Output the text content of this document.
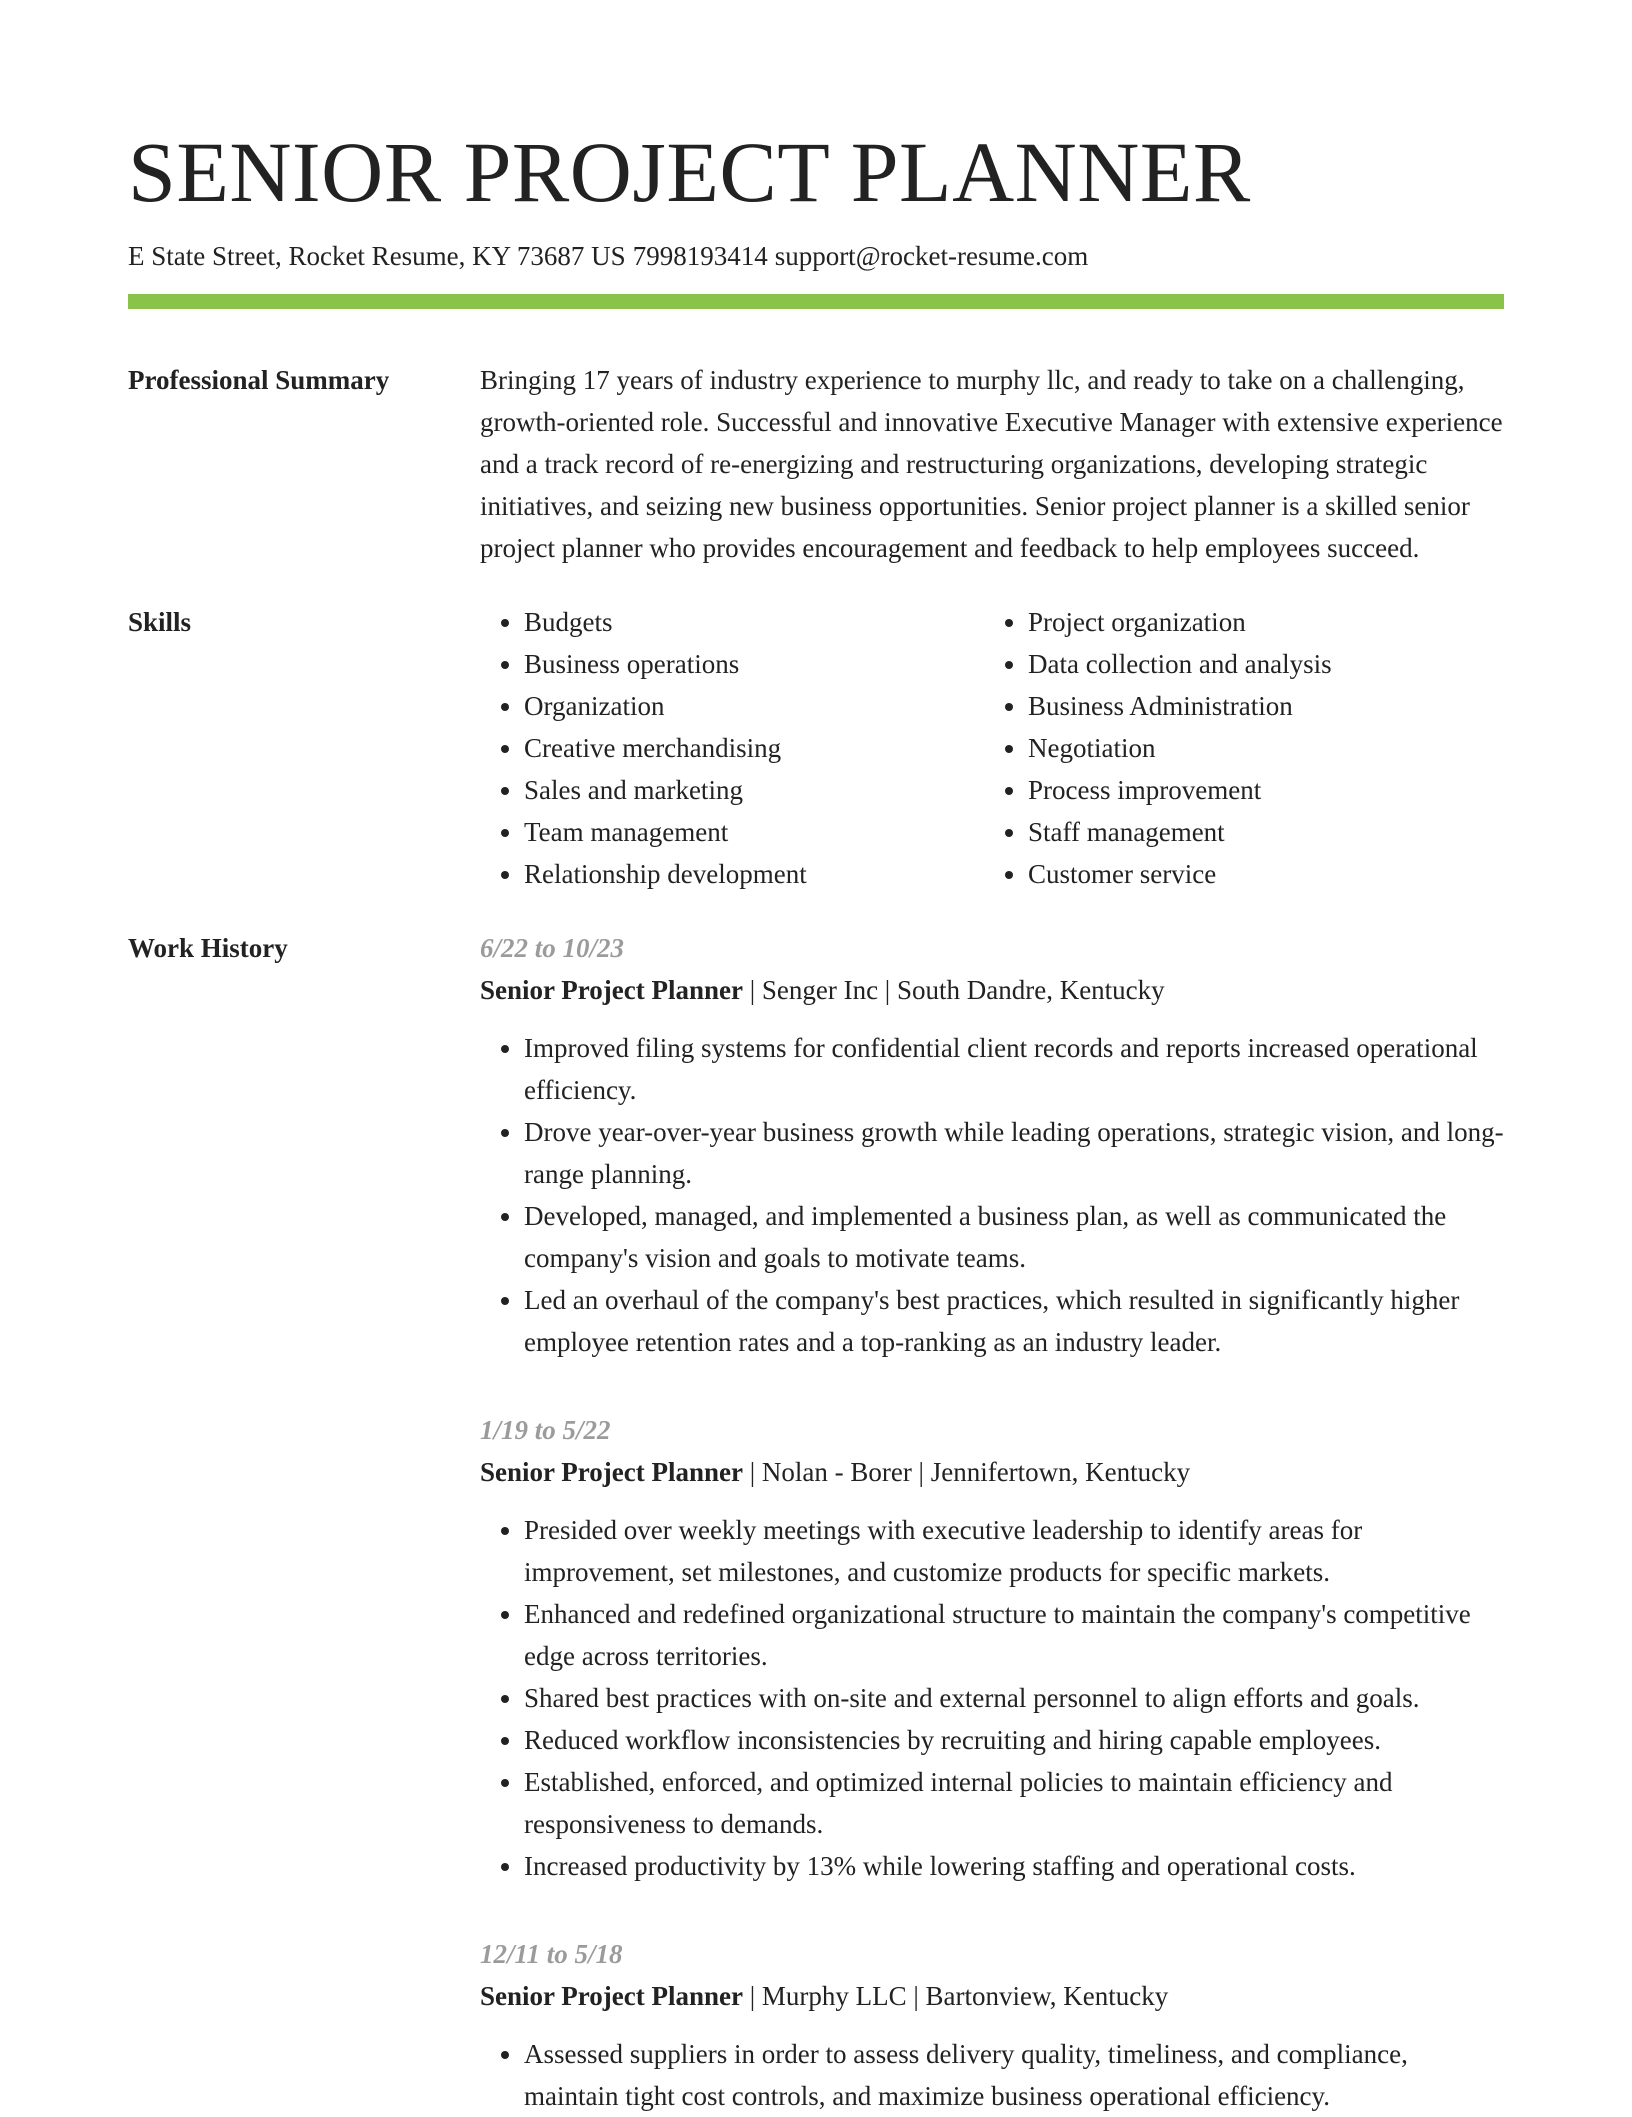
SENIOR PROJECT PLANNER
E State Street, Rocket Resume, KY 73687 US 7998193414 support@rocket-resume.com
Professional Summary	Bringing 17 years of industry experience to murphy llc, and ready to take on a challenging, growth-oriented role. Successful and innovative Executive Manager with extensive experience and a track record of re-energizing and restructuring organizations, developing strategic initiatives, and seizing new business opportunities. Senior project planner is a skilled senior project planner who provides encouragement and feedback to help employees succeed.

Skills
•	Budgets
• Business operations
• Organization
• Creative merchandising
• Sales and marketing
• Team management
• Relationship development
• Project organization
• Data collection and analysis
• Business Administration
• Negotiation
• Process improvement
• Staff management
• Customer service
Work History	6/22 to 10/23
Senior Project Planner | Senger Inc | South Dandre, Kentucky
• Improved filing systems for confidential client records and reports increased operational efficiency.
• Drove year-over-year business growth while leading operations, strategic vision, and long-range planning.
• Developed, managed, and implemented a business plan, as well as communicated the company's vision and goals to motivate teams.
• Led an overhaul of the company's best practices, which resulted in significantly higher employee retention rates and a top-ranking as an industry leader.
1/19 to 5/22
Senior Project Planner | Nolan - Borer | Jennifertown, Kentucky
• Presided over weekly meetings with executive leadership to identify areas for improvement, set milestones, and customize products for specific markets.
• Enhanced and redefined organizational structure to maintain the company's competitive edge across territories.
• Shared best practices with on-site and external personnel to align efforts and goals.
• Reduced workflow inconsistencies by recruiting and hiring capable employees.
• Established, enforced, and optimized internal policies to maintain efficiency and responsiveness to demands.
• Increased productivity by 13% while lowering staffing and operational costs.
12/11 to 5/18
Senior Project Planner | Murphy LLC | Bartonview, Kentucky
• Assessed suppliers in order to assess delivery quality, timeliness, and compliance, maintain tight cost controls, and maximize business operational efficiency.
